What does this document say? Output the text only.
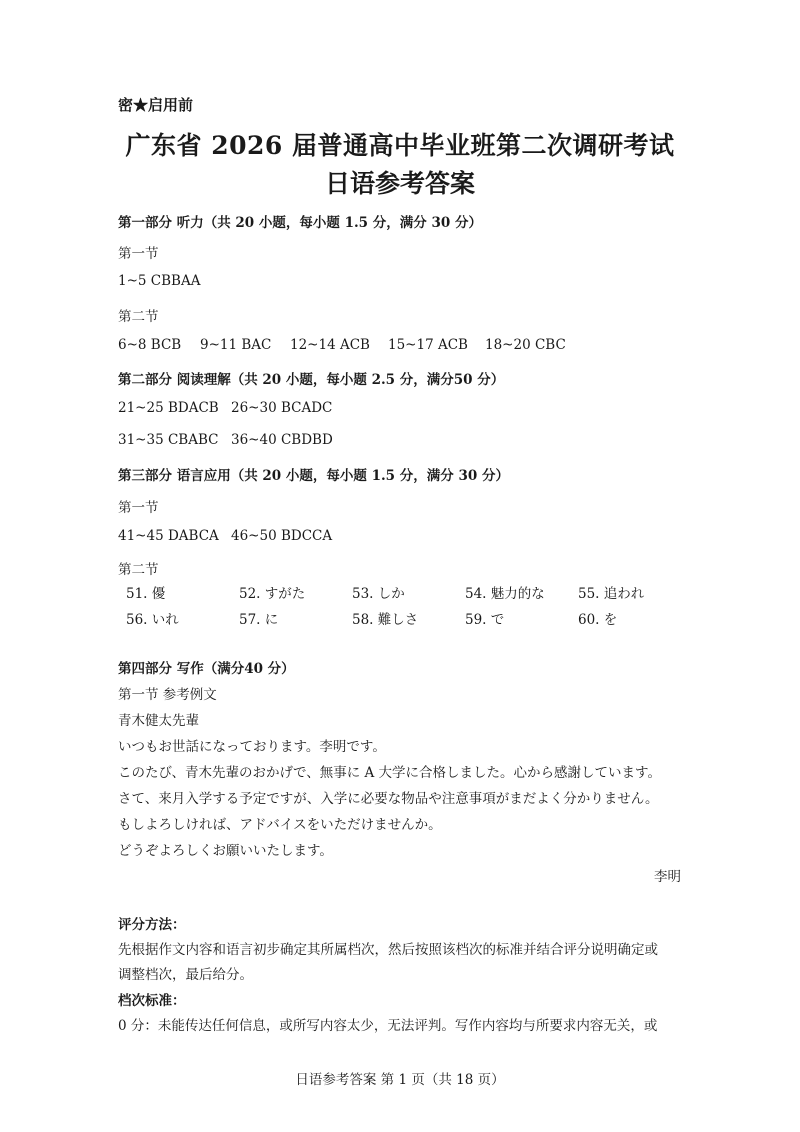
密★启用前
广东省 2026 届普通高中毕业班第二次调研考试
日语参考答案
第一部分 听力（共 20 小题，每小题 1.5 分，满分 30 分）
第一节
1~5 CBBAA
第二节
6~8 BCB 9~11 BAC 12~14 ACB 15~17 ACB 18~20 CBC
第二部分 阅读理解（共 20 小题，每小题 2.5 分，满分50 分）
21~25 BDACB 26~30 BCADC
31~35 CBABC 36~40 CBDBD
第三部分 语言应用（共 20 小题，每小题 1.5 分，满分 30 分）
第一节
41~45 DABCA 46~50 BDCCA
第二节
51. 優	52. すがた	53. しか	54. 魅力的な 55. 追われ
56. いれ	57. に	58. 難しさ	59. で	60. を
第四部分 写作（满分40 分）
第一节 参考例文
青木健太先輩
いつもお世話になっております。李明です。
このたび、青木先輩のおかげで、無事に A 大学に合格しました。心から感謝しています。
さて、来月入学する予定ですが、入学に必要な物品や注意事項がまだよく分かりません。
もしよろしければ、アドバイスをいただけませんか。
どうぞよろしくお願いいたします。
李明
评分方法：
先根据作文内容和语言初步确定其所属档次，然后按照该档次的标准并结合评分说明确定或
调整档次，最后给分。
档次标准：
0 分：未能传达任何信息，或所写内容太少，无法评判。写作内容均与所要求内容无关，或
日语参考答案 第 1 页（共 18 页）
